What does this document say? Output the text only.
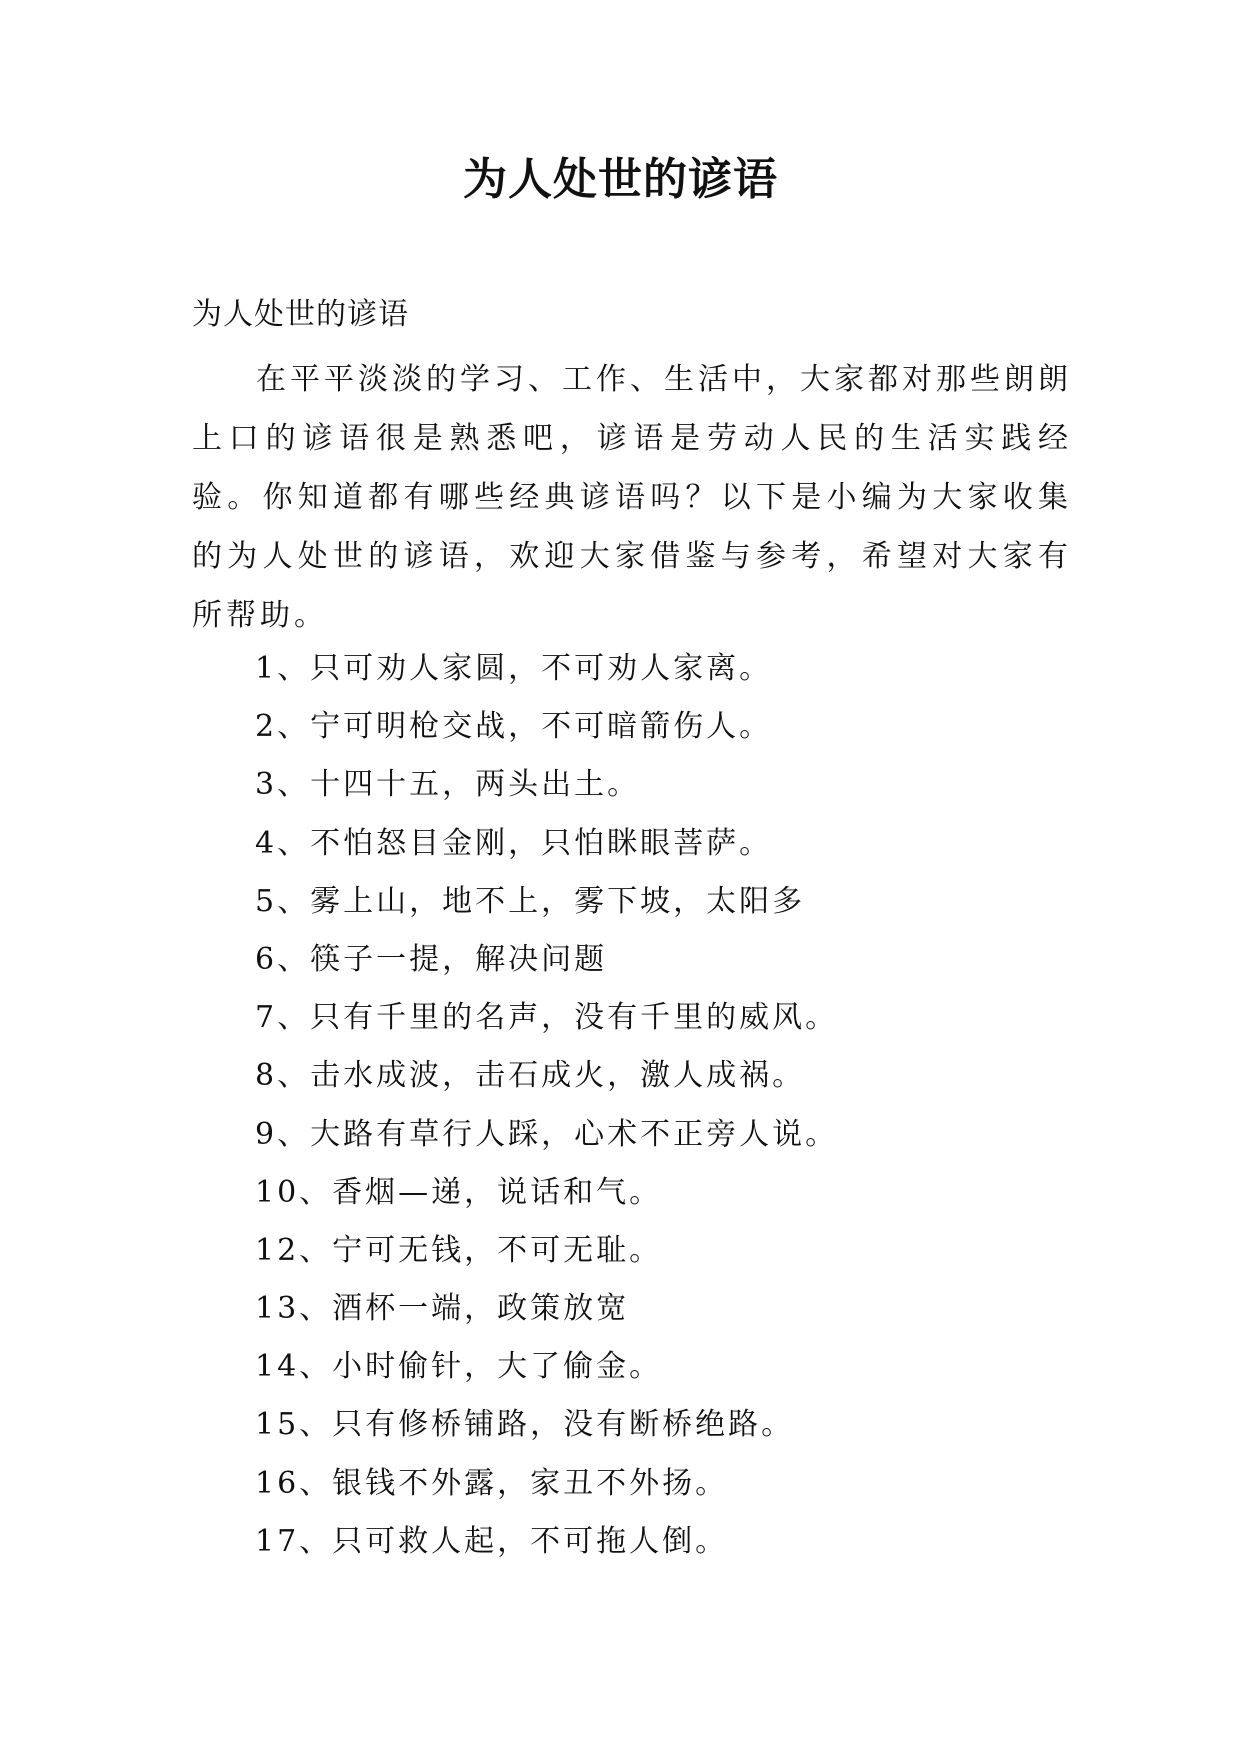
为人处世的谚语

为人处世的谚语

在平平淡淡的学习、工作、生活中，大家都对那些朗朗上口的谚语很是熟悉吧，谚语是劳动人民的生活实践经验。你知道都有哪些经典谚语吗？以下是小编为大家收集的为人处世的谚语，欢迎大家借鉴与参考，希望对大家有所帮助。

1、只可劝人家圆，不可劝人家离。
2、宁可明枪交战，不可暗箭伤人。
3、十四十五，两头出土。
4、不怕怒目金刚，只怕眯眼菩萨。
5、雾上山，地不上，雾下坡，太阳多
6、筷子一提，解决问题
7、只有千里的名声，没有千里的威风。
8、击水成波，击石成火，激人成祸。
9、大路有草行人踩，心术不正旁人说。
10、香烟—递，说话和气。
12、宁可无钱，不可无耻。
13、酒杯一端，政策放宽
14、小时偷针，大了偷金。
15、只有修桥铺路，没有断桥绝路。
16、银钱不外露，家丑不外扬。
17、只可救人起，不可拖人倒。
